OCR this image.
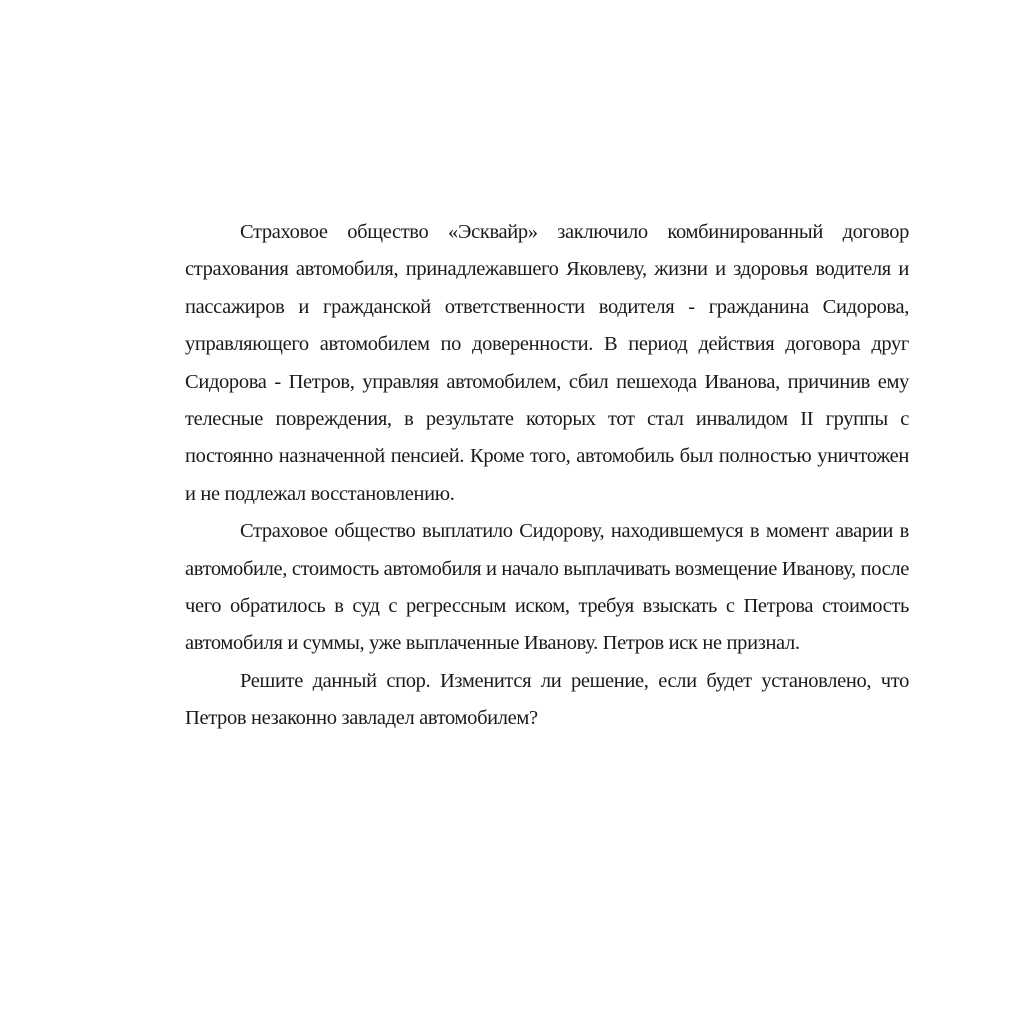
Страховое общество «Эсквайр» заключило комбинированный договор страхования автомобиля, принадлежавшего Яковлеву, жизни и здоровья водителя и пассажиров и гражданской ответственности водителя - гражданина Сидорова, управляющего автомобилем по доверенности. В период действия договора друг Сидорова - Петров, управляя автомобилем, сбил пешехода Иванова, причинив ему телесные повреждения, в результате которых тот стал инвалидом II группы с постоянно назначенной пенсией. Кроме того, автомобиль был полностью уничтожен и не подлежал восстановлению.

Страховое общество выплатило Сидорову, находившемуся в момент аварии в автомобиле, стоимость автомобиля и начало выплачивать возмещение Иванову, после чего обратилось в суд с регрессным иском, требуя взыскать с Петрова стоимость автомобиля и суммы, уже выплаченные Иванову. Петров иск не признал.

Решите данный спор. Изменится ли решение, если будет установлено, что Петров незаконно завладел автомобилем?
